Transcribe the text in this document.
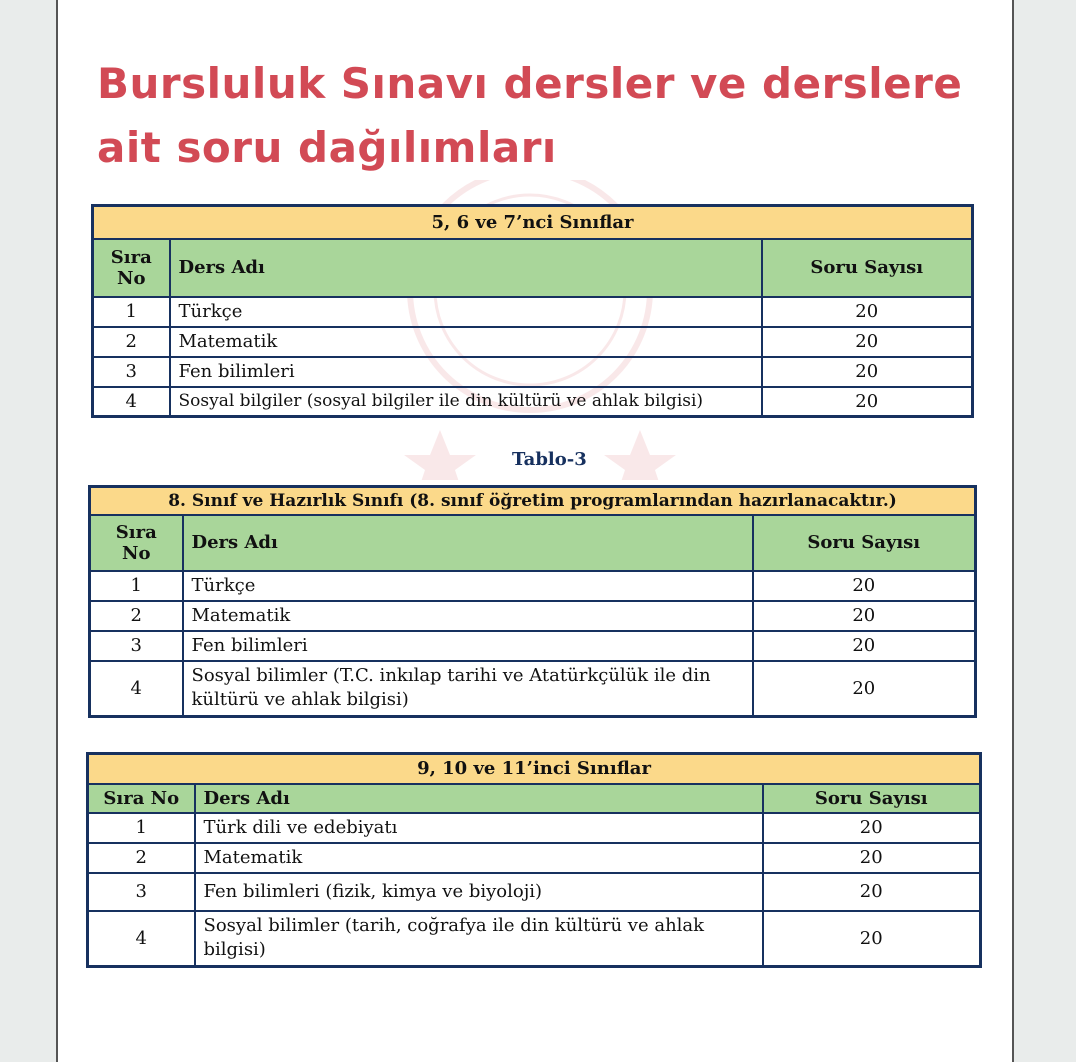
Bursluluk Sınavı dersler ve derslere ait soru dağılımları
5, 6 ve 7’nci Sınıflar		
Sıra No	Ders Adı	Soru Sayısı
1	Türkçe	20
2	Matematik	20
3	Fen bilimleri	20
4	Sosyal bilgiler (sosyal bilgiler ile din kültürü ve ahlak bilgisi)	20
Tablo-3
8. Sınıf ve Hazırlık Sınıfı (8. sınıf öğretim programlarından hazırlanacaktır.)		
Sıra No	Ders Adı	Soru Sayısı
1	Türkçe	20
2	Matematik	20
3	Fen bilimleri	20
4	Sosyal bilimler (T.C. inkılap tarihi ve Atatürkçülük ile din kültürü ve ahlak bilgisi)	20
9, 10 ve 11’inci Sınıflar		
Sıra No	Ders Adı	Soru Sayısı
1	Türk dili ve edebiyatı	20
2	Matematik	20
3	Fen bilimleri (fizik, kimya ve biyoloji)	20
4	Sosyal bilimler (tarih, coğrafya ile din kültürü ve ahlak bilgisi)	20
